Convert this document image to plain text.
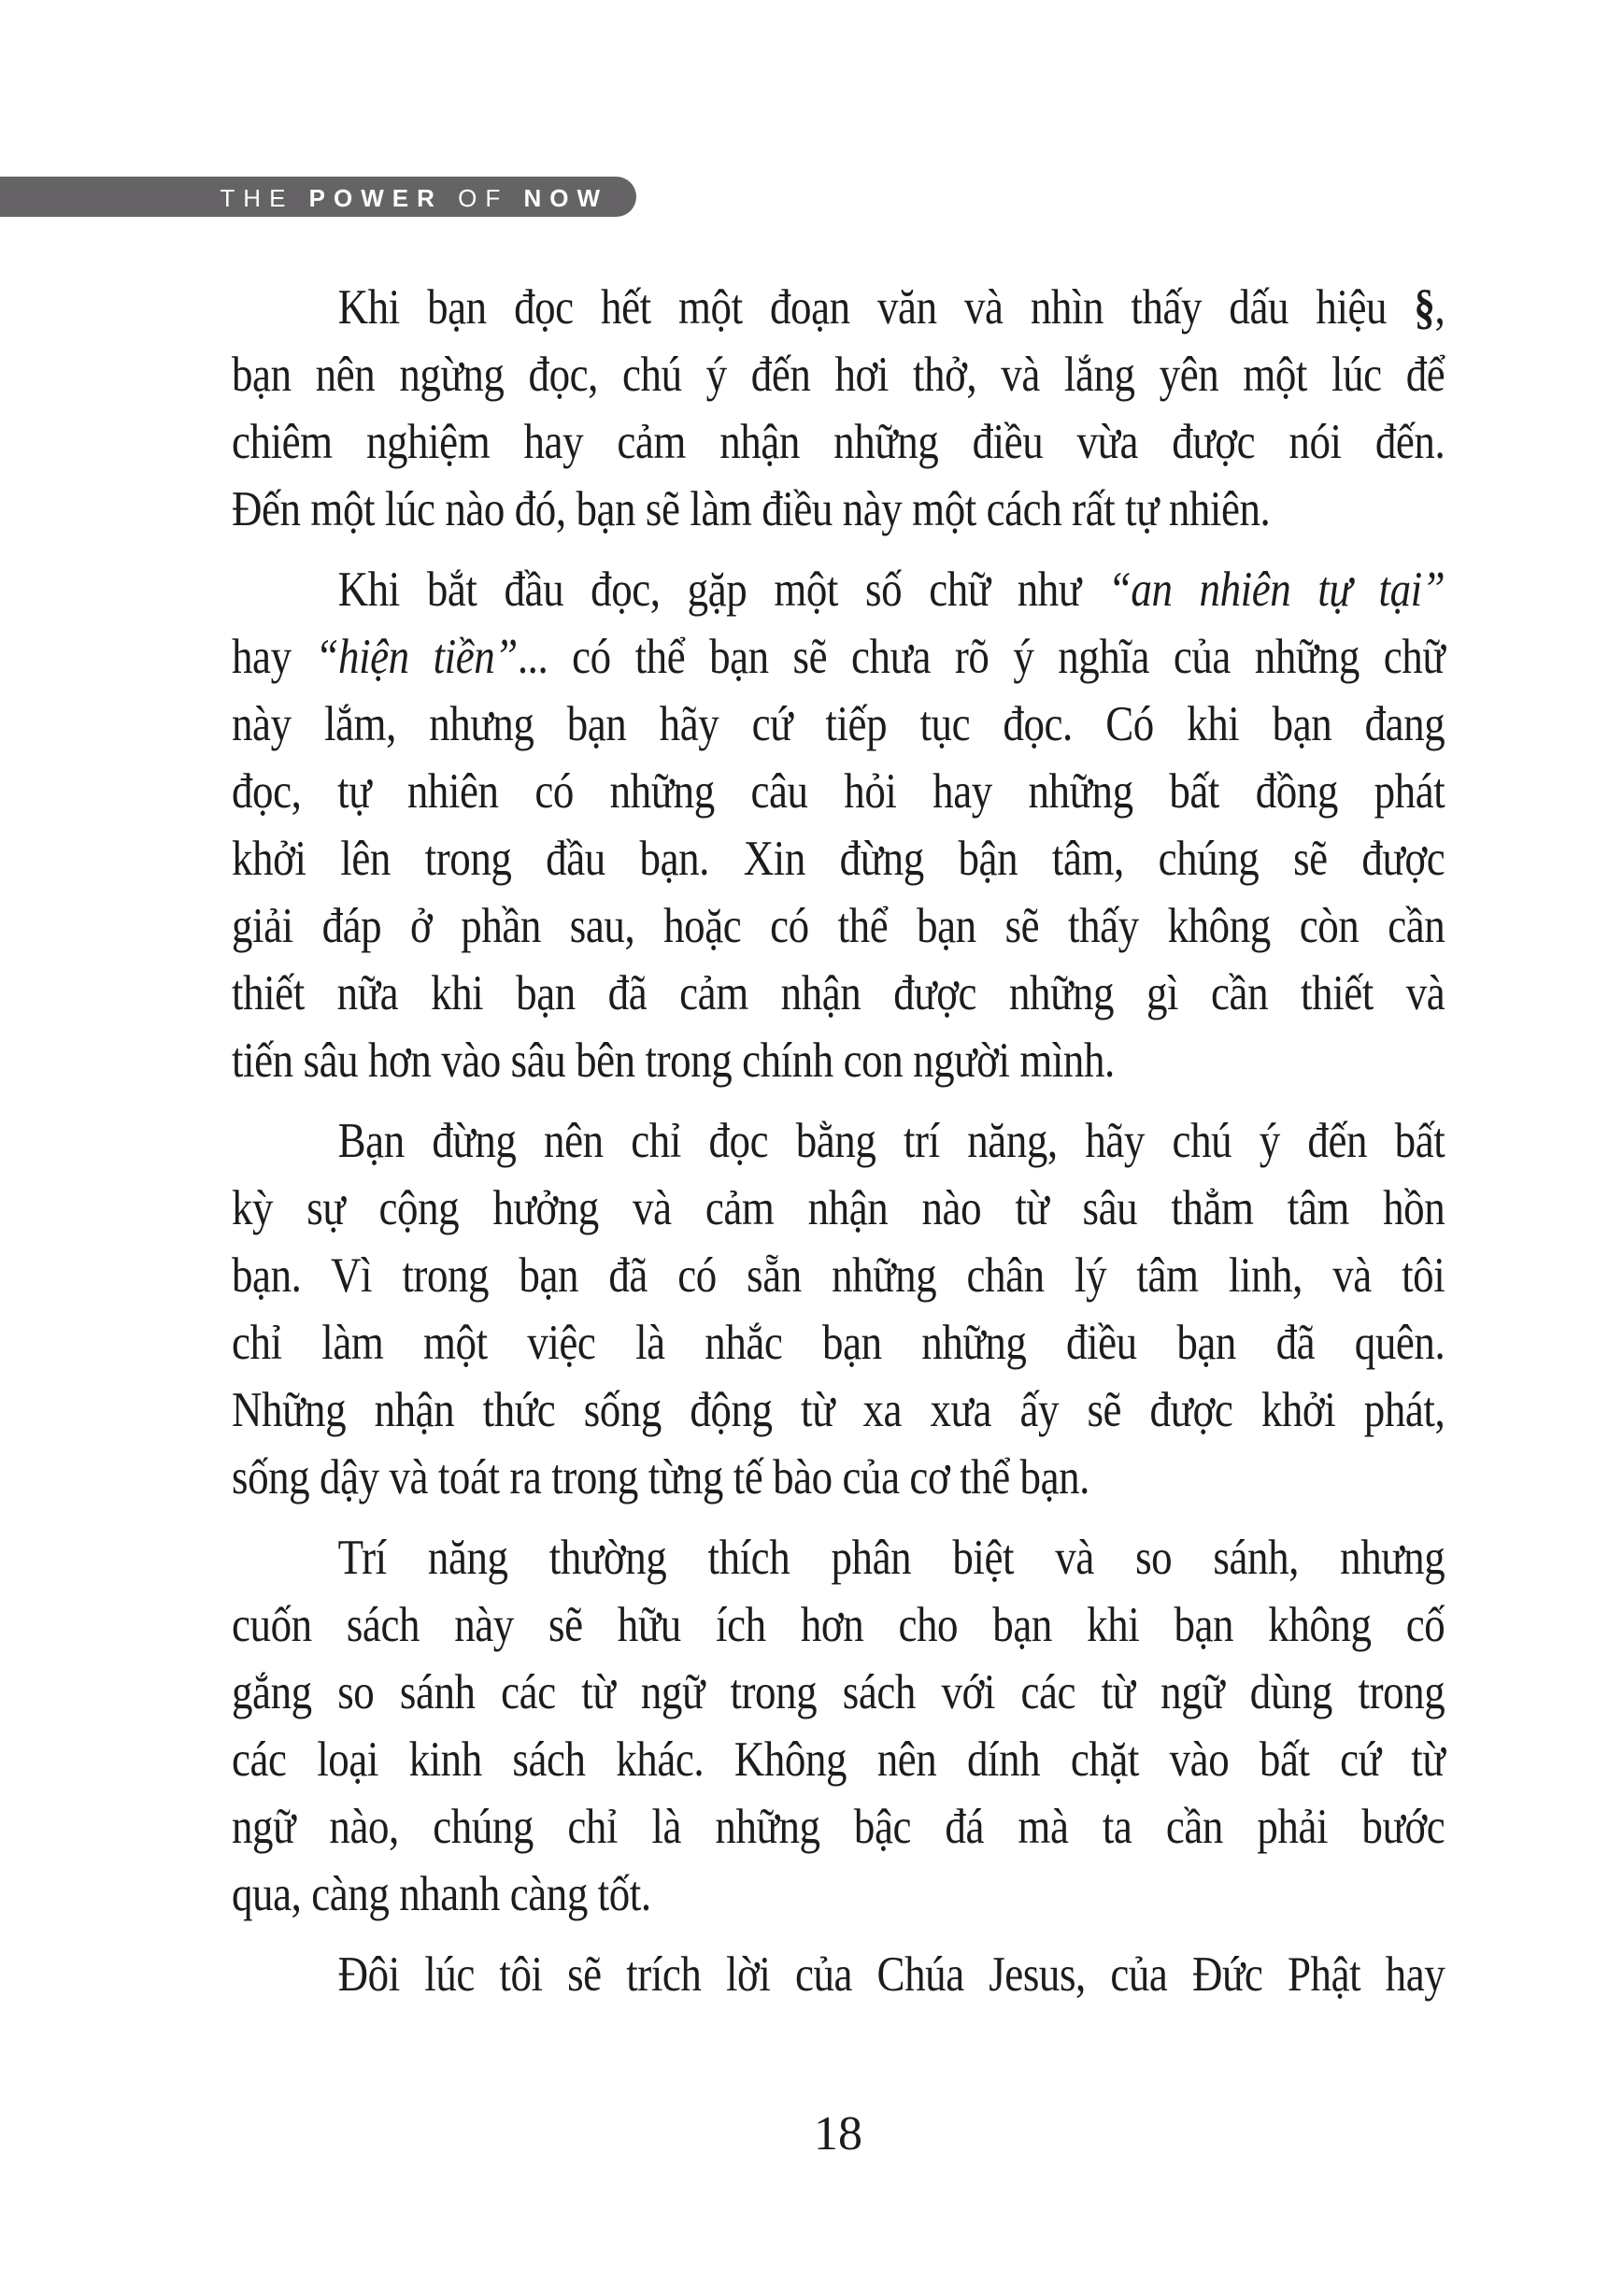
THE POWER OF NOW
Khi bạn đọc hết một đoạn văn và nhìn thấy dấu hiệu §,
bạn nên ngừng đọc, chú ý đến hơi thở, và lắng yên một lúc để
chiêm nghiệm hay cảm nhận những điều vừa được nói đến.
Đến một lúc nào đó, bạn sẽ làm điều này một cách rất tự nhiên.
Khi bắt đầu đọc, gặp một số chữ như “an nhiên tự tại”
hay “hiện tiền”... có thể bạn sẽ chưa rõ ý nghĩa của những chữ
này lắm, nhưng bạn hãy cứ tiếp tục đọc. Có khi bạn đang
đọc, tự nhiên có những câu hỏi hay những bất đồng phát
khởi lên trong đầu bạn. Xin đừng bận tâm, chúng sẽ được
giải đáp ở phần sau, hoặc có thể bạn sẽ thấy không còn cần
thiết nữa khi bạn đã cảm nhận được những gì cần thiết và
tiến sâu hơn vào sâu bên trong chính con người mình.
Bạn đừng nên chỉ đọc bằng trí năng, hãy chú ý đến bất
kỳ sự cộng hưởng và cảm nhận nào từ sâu thẳm tâm hồn
bạn. Vì trong bạn đã có sẵn những chân lý tâm linh, và tôi
chỉ làm một việc là nhắc bạn những điều bạn đã quên.
Những nhận thức sống động từ xa xưa ấy sẽ được khởi phát,
sống dậy và toát ra trong từng tế bào của cơ thể bạn.
Trí năng thường thích phân biệt và so sánh, nhưng
cuốn sách này sẽ hữu ích hơn cho bạn khi bạn không cố
gắng so sánh các từ ngữ trong sách với các từ ngữ dùng trong
các loại kinh sách khác. Không nên dính chặt vào bất cứ từ
ngữ nào, chúng chỉ là những bậc đá mà ta cần phải bước
qua, càng nhanh càng tốt.
Đôi lúc tôi sẽ trích lời của Chúa Jesus, của Đức Phật hay
18
